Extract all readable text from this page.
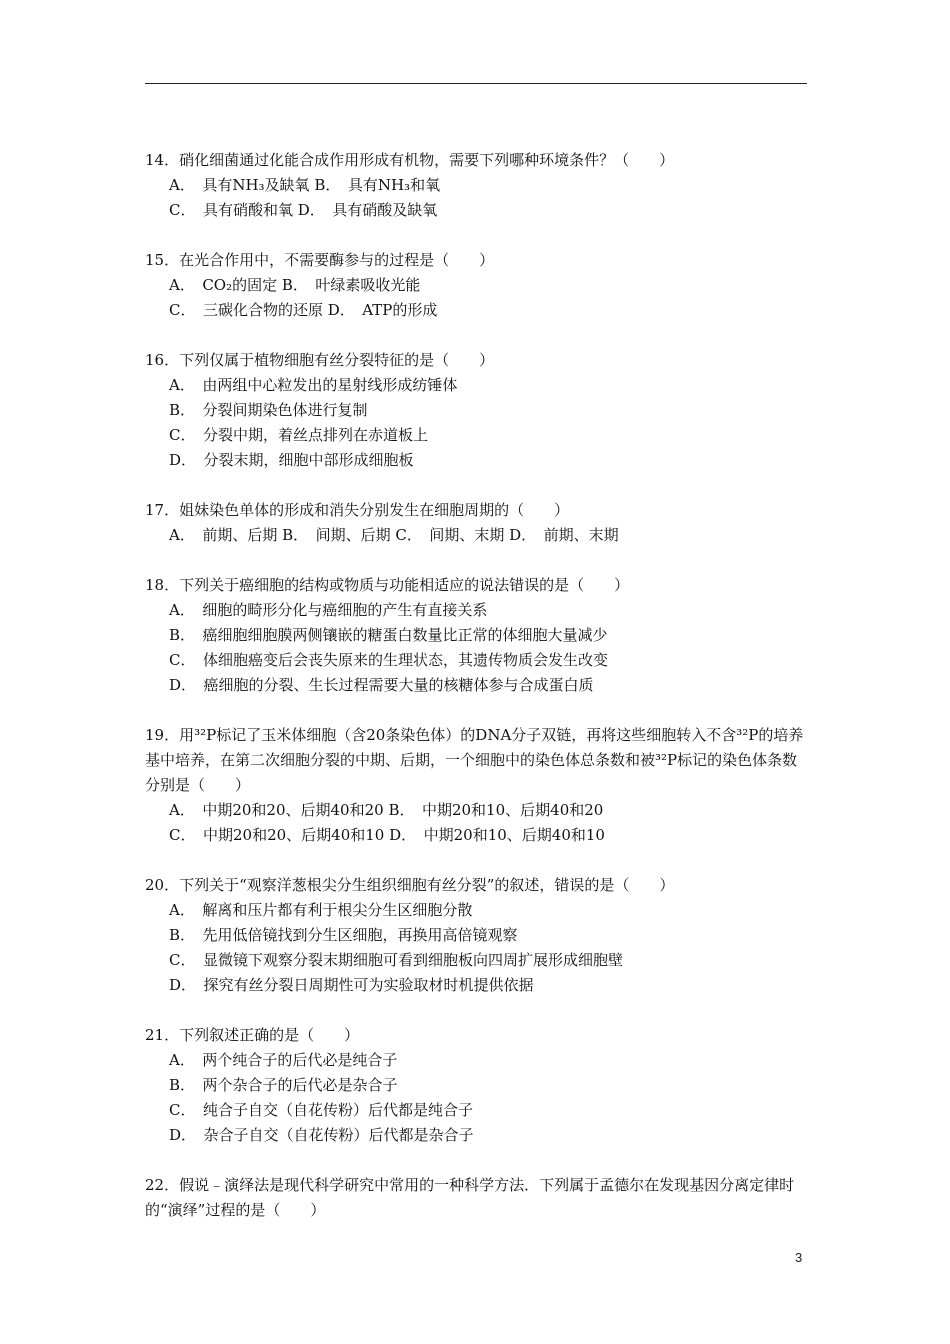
14．硝化细菌通过化能合成作用形成有机物，需要下列哪种环境条件？（　　）
A．　具有NH₃及缺氧 B．　具有NH₃和氧
C．　具有硝酸和氧 D．　具有硝酸及缺氧
15．在光合作用中，不需要酶参与的过程是（　　）
A．　CO₂的固定 B．　叶绿素吸收光能
C．　三碳化合物的还原 D．　ATP的形成
16．下列仅属于植物细胞有丝分裂特征的是（　　）
A．　由两组中心粒发出的星射线形成纺锤体
B．　分裂间期染色体进行复制
C．　分裂中期，着丝点排列在赤道板上
D．　分裂末期，细胞中部形成细胞板
17．姐妹染色单体的形成和消失分别发生在细胞周期的（　　）
A．　前期、后期 B．　间期、后期 C．　间期、末期 D．　前期、末期
18．下列关于癌细胞的结构或物质与功能相适应的说法错误的是（　　）
A．　细胞的畸形分化与癌细胞的产生有直接关系
B．　癌细胞细胞膜两侧镶嵌的糖蛋白数量比正常的体细胞大量减少
C．　体细胞癌变后会丧失原来的生理状态，其遗传物质会发生改变
D．　癌细胞的分裂、生长过程需要大量的核糖体参与合成蛋白质
19．用³²P标记了玉米体细胞（含20条染色体）的DNA分子双链，再将这些细胞转入不含³²P的培养基中培养，在第二次细胞分裂的中期、后期，一个细胞中的染色体总条数和被³²P标记的染色体条数分别是（　　）
A．　中期20和20、后期40和20 B．　中期20和10、后期40和20
C．　中期20和20、后期40和10 D．　中期20和10、后期40和10
20．下列关于“观察洋葱根尖分生组织细胞有丝分裂”的叙述，错误的是（　　）
A．　解离和压片都有利于根尖分生区细胞分散
B．　先用低倍镜找到分生区细胞，再换用高倍镜观察
C．　显微镜下观察分裂末期细胞可看到细胞板向四周扩展形成细胞壁
D．　探究有丝分裂日周期性可为实验取材时机提供依据
21．下列叙述正确的是（　　）
A．　两个纯合子的后代必是纯合子
B．　两个杂合子的后代必是杂合子
C．　纯合子自交（自花传粉）后代都是纯合子
D．　杂合子自交（自花传粉）后代都是杂合子
22．假说﹣演绎法是现代科学研究中常用的一种科学方法．下列属于孟德尔在发现基因分离定律时的“演绎”过程的是（　　）
3
